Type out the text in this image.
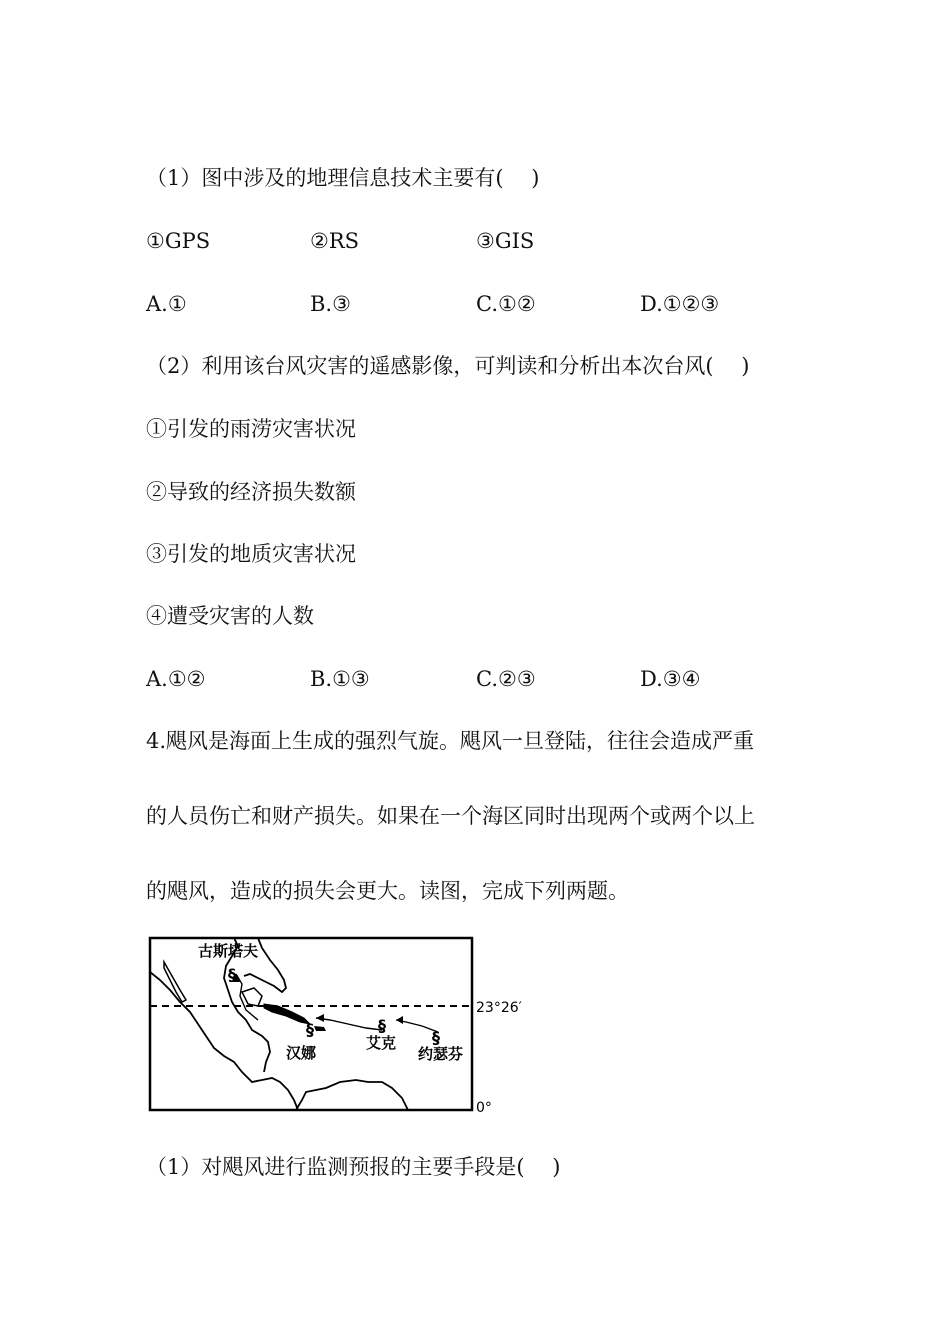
（1）图中涉及的地理信息技术主要有(　 )
①GPS	②RS	③GIS
A.①	B.③	C.①②	D.①②③
（2）利用该台风灾害的遥感影像，可判读和分析出本次台风(　 )
①引发的雨涝灾害状况
②导致的经济损失数额
③引发的地质灾害状况
④遭受灾害的人数
A.①②	B.①③	C.②③	D.③④
4.飓风是海面上生成的强烈气旋。飓风一旦登陆，往往会造成严重
的人员伤亡和财产损失。如果在一个海区同时出现两个或两个以上
的飓风，造成的损失会更大。读图，完成下列两题。
§
§	§
§
古斯塔夫
汉娜
艾克
约瑟芬
23°26′
0°
（1）对飓风进行监测预报的主要手段是(　 )
